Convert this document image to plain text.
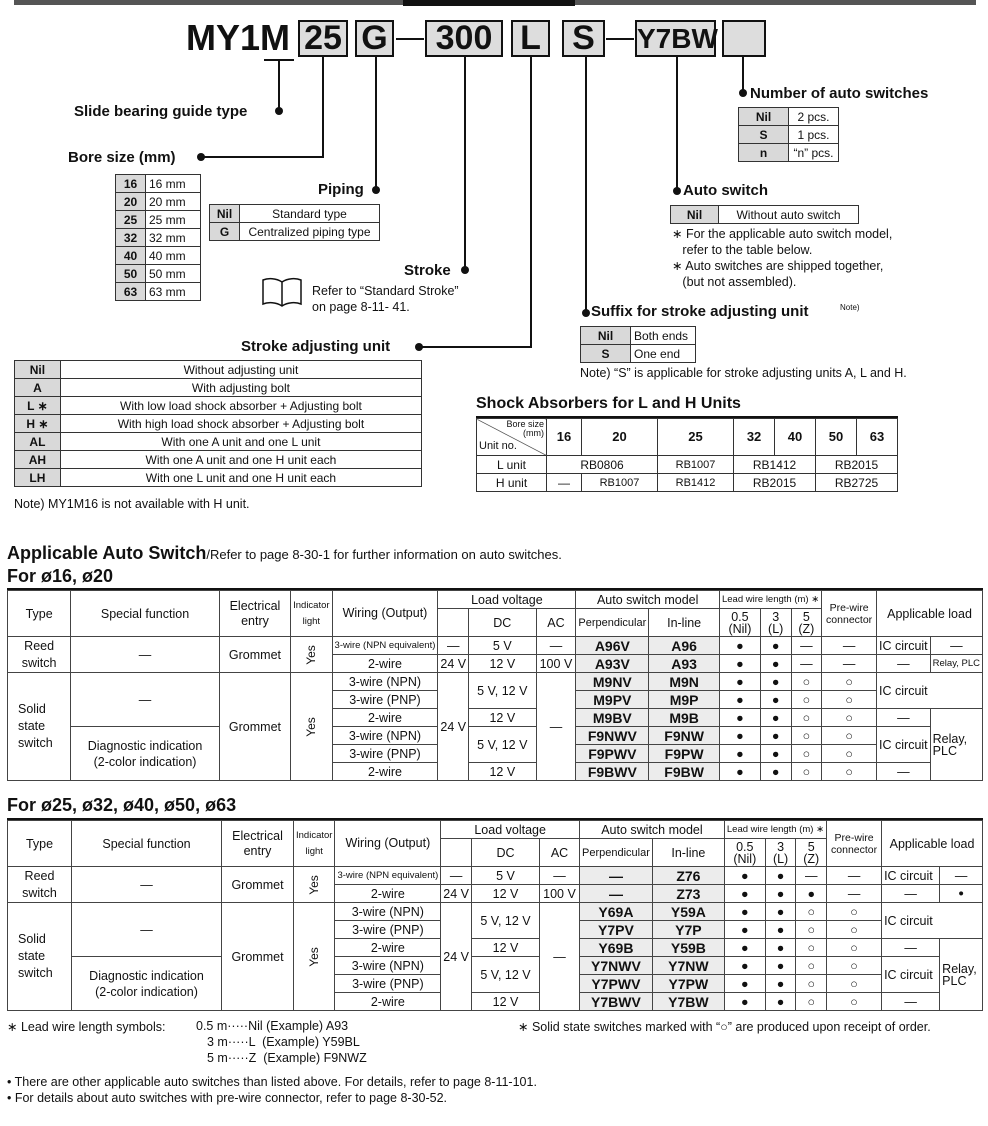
MY1M 25 G	300 L S	Y7BW
Slide bearing guide type
Bore size (mm)
Piping
Stroke
Stroke adjusting unit
Suffix for stroke adjusting unit	Note)
Auto switch
Number of auto switches
16	16 mm
20	20 mm
25	25 mm
32	32 mm
40	40 mm
50	50 mm
63	63 mm
Nil	Standard type
G	Centralized piping type
Refer to “Standard Stroke”
on page 8-11- 41.
Nil	Without adjusting unit
A	With adjusting bolt
L ∗	With low load shock absorber + Adjusting bolt
H ∗	With high load shock absorber + Adjusting bolt
AL	With one A unit and one L unit
AH	With one A unit and one H unit each
LH	With one L unit and one H unit each
Note) MY1M16 is not available with H unit.
Nil	2 pcs.
S	1 pcs.
n	“n” pcs.
Nil	Without auto switch
∗ For the applicable auto switch model,
refer to the table below.
∗ Auto switches are shipped together,
(but not assembled).
Nil	Both ends
S	One end
Note) “S” is applicable for stroke adjusting units A, L and H.
Shock Absorbers for L and H Units
Bore size (mm)
Unit no.	16	20	25	32	40	50	63
L unit	RB0806		RB1007	RB1412		RB2015	
H unit	—	RB1007	RB1412	RB2015		RB2725	
Applicable Auto Switch/Refer to page 8-30-1 for further information on auto switches.
For ø16, ø20
Type	Special function	Electrical entry	Indicator light	Wiring (Output)	Load voltage			Auto switch model		Lead wire length (m) ∗			Pre-wire connector	Applicable load	
						DC	AC	Perpendicular	In-line	0.5
(Nil)	3
(L)	5
(Z)			
Reed switch	—	Grommet	Yes	3-wire (NPN equivalent)	—	5 V	—	A96V	A96	●	●	—	—	IC circuit	—
				2-wire	24 V	12 V	100 V	A93V	A93	●	●	—	—	—	Relay, PLC
Solid state switch	—	Grommet	Yes	3-wire (NPN)	24 V	5 V, 12 V	—	M9NV	M9N	●	●	○	○	IC circuit	
				3-wire (PNP)				M9PV	M9P	●	●	○	○		
				2-wire		12 V		M9BV	M9B	●	●	○	○	—	Relay,
PLC
	Diagnostic indication
(2-color indication)			3-wire (NPN)		5 V, 12 V		F9NWV	F9NW	●	●	○	○	IC circuit	
				3-wire (PNP)				F9PWV	F9PW	●	●	○	○		
				2-wire		12 V		F9BWV	F9BW	●	●	○	○	—	
For ø25, ø32, ø40, ø50, ø63
Type	Special function	Electrical entry	Indicator light	Wiring (Output)	Load voltage			Auto switch model		Lead wire length (m) ∗			Pre-wire connector	Applicable load	
						DC	AC	Perpendicular	In-line	0.5
(Nil)	3
(L)	5
(Z)			
Reed switch	—	Grommet	Yes	3-wire (NPN equivalent)	—	5 V	—	—	Z76	●	●	—	—	IC circuit	—
				2-wire	24 V	12 V	100 V	—	Z73	●	●	●	—	—	●
Solid state switch	—	Grommet	Yes	3-wire (NPN)	24 V	5 V, 12 V	—	Y69A	Y59A	●	●	○	○	IC circuit	
				3-wire (PNP)				Y7PV	Y7P	●	●	○	○		
				2-wire		12 V		Y69B	Y59B	●	●	○	○	—	Relay,
PLC
	Diagnostic indication
(2-color indication)			3-wire (NPN)		5 V, 12 V		Y7NWV	Y7NW	●	●	○	○	IC circuit	
				3-wire (PNP)				Y7PWV	Y7PW	●	●	○	○		
				2-wire		12 V		Y7BWV	Y7BW	●	●	○	○	—	
∗ Lead wire length symbols: 0.5 m·····Nil (Example) A93
3 m·····L  (Example) Y59BL
5 m·····Z  (Example) F9NWZ
∗ Solid state switches marked with “○” are produced upon receipt of order.
• There are other applicable auto switches than listed above. For details, refer to page 8-11-101.
• For details about auto switches with pre-wire connector, refer to page 8-30-52.
